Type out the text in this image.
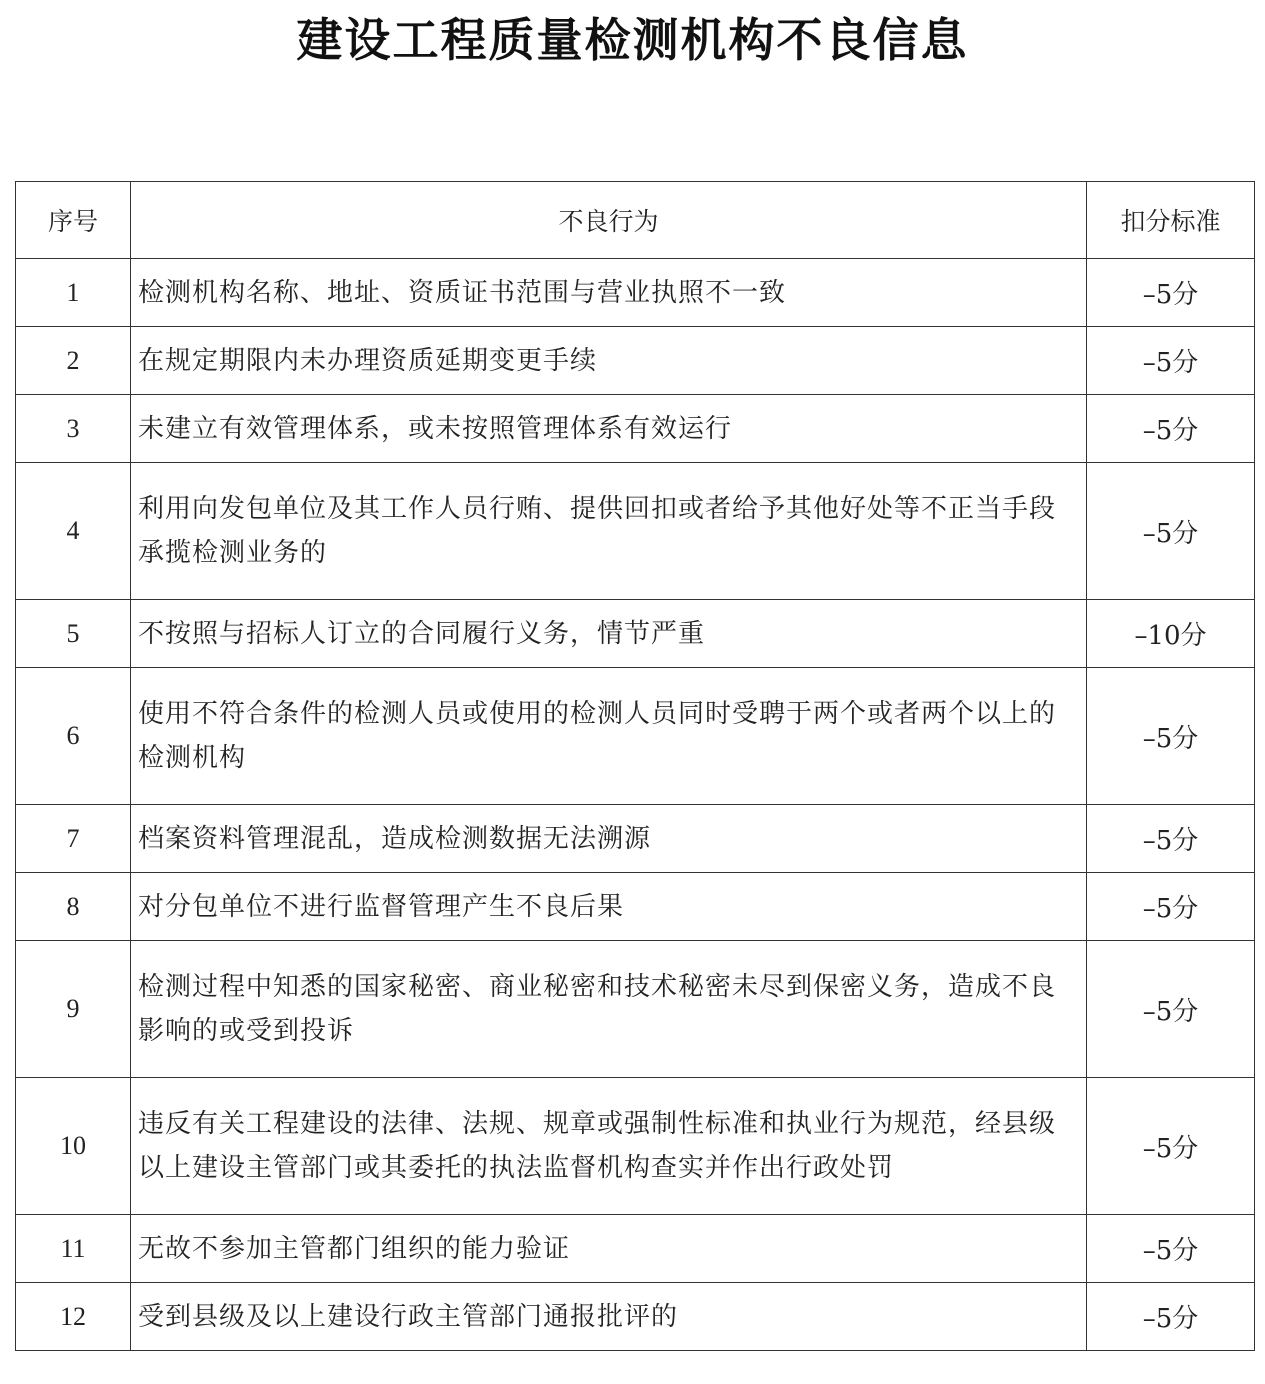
建设工程质量检测机构不良信息
序号	不良行为	扣分标准
1	检测机构名称、地址、资质证书范围与营业执照不一致	–5分
2	在规定期限内未办理资质延期变更手续	–5分
3	未建立有效管理体系，或未按照管理体系有效运行	–5分
4	利用向发包单位及其工作人员行贿、提供回扣或者给予其他好处等不正当手段承揽检测业务的	–5分
5	不按照与招标人订立的合同履行义务，情节严重	–10分
6	使用不符合条件的检测人员或使用的检测人员同时受聘于两个或者两个以上的检测机构	–5分
7	档案资料管理混乱，造成检测数据无法溯源	–5分
8	对分包单位不进行监督管理产生不良后果	–5分
9	检测过程中知悉的国家秘密、商业秘密和技术秘密未尽到保密义务，造成不良影响的或受到投诉	–5分
10	违反有关工程建设的法律、法规、规章或强制性标准和执业行为规范，经县级以上建设主管部门或其委托的执法监督机构查实并作出行政处罚	–5分
11	无故不参加主管都门组织的能力验证	–5分
12	受到县级及以上建设行政主管部门通报批评的	–5分
